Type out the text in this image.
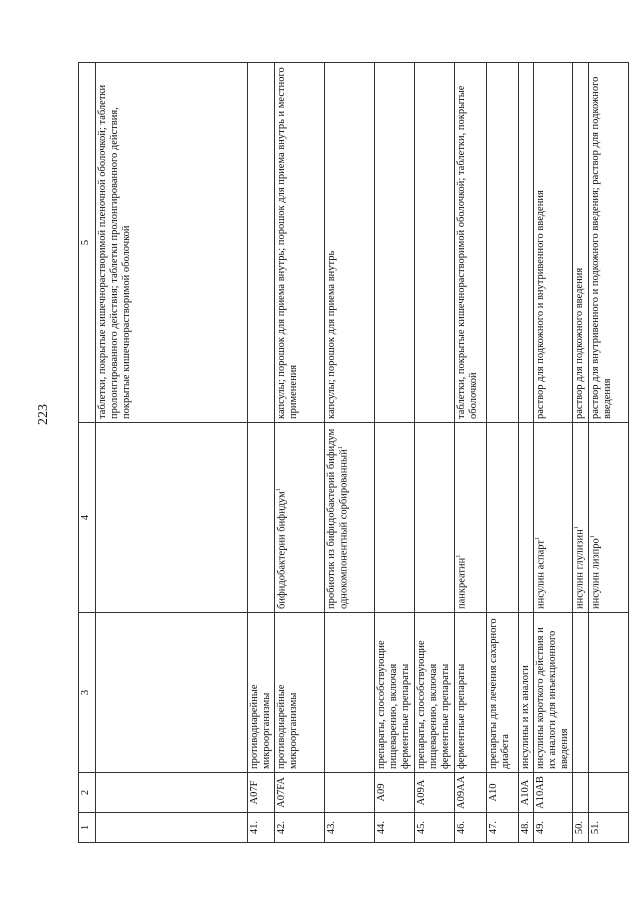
223
1	2	3	4	5
				таблетки, покрытые кишечнорастворимой пленочной оболочкой; таблетки пролонгированного действия; таблетки пролонгированного действия, покрытые кишечнорастворимой оболочкой
41.	A07F	противодиарейные микроорганизмы		
42.	A07FA	противодиарейные микроорганизмы	бифидобактерии бифидум$^1$	капсулы; порошок для приема внутрь; порошок для приема внутрь и местного применения
43.			пробиотик из бифидобактерий бифидум однокомпонентный сорбированный$^1$	капсулы; порошок для приема внутрь
44.	A09	препараты, способствующие пищеварению, включая ферментные препараты		
45.	A09A	препараты, способствующие пищеварению, включая ферментные препараты		
46.	A09AA	ферментные препараты	панкреатин$^1$	таблетки, покрытые кишечнорастворимой оболочкой; таблетки, покрытые оболочкой
47.	A10	препараты для лечения сахарного диабета		
48.	A10A	инсулины и их аналоги		
49.	A10AB	инсулины короткого действия и их аналоги для инъекционного введения	инсулин аспарт$^1$	раствор для подкожного и внутривенного введения
50.			инсулин глулизин$^1$	раствор для подкожного введения
51.			инсулин лизпро$^1$	раствор для внутривенного и подкожного введения; раствор для подкожного введения
